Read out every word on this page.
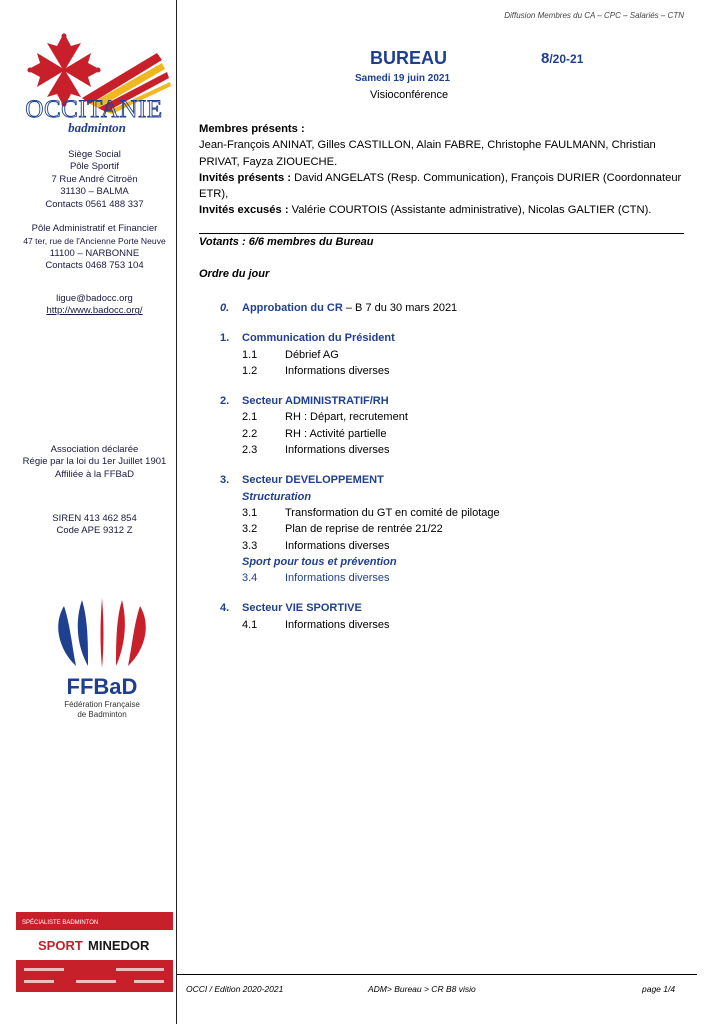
Diffusion Membres du CA – CPC – Salariés – CTN
OCCITANIE
badminton
Siège Social
Pôle Sportif
7 Rue André Citroën
31130 – BALMA
Contacts 0561 488 337
Pôle Administratif et Financier
47 ter, rue de l'Ancienne Porte Neuve
11100 – NARBONNE
Contacts 0468 753 104
ligue@badocc.org
http://www.badocc.org/
Association déclarée
Régie par la loi du 1er Juillet 1901
Affiliée à la FFBaD
SIREN 413 462 854
Code APE 9312 Z
FFBaD
Fédération Française
de Badminton
SPÉCIALISTE BADMINTON
SPORT MINEDOR
BUREAU	8/20-21
Samedi 19 juin 2021
Visioconférence
Membres présents :
Jean-François ANINAT, Gilles CASTILLON, Alain FABRE, Christophe FAULMANN, Christian PRIVAT, Fayza ZIOUECHE.
Invités présents : David ANGELATS (Resp. Communication), François DURIER (Coordonnateur ETR),
Invités excusés : Valérie COURTOIS (Assistante administrative), Nicolas GALTIER (CTN).
Votants : 6/6 membres du Bureau
Ordre du jour
0. Approbation du CR – B 7 du 30 mars 2021
1. Communication du Président
1.1	Débrief AG
1.2	Informations diverses
2. Secteur ADMINISTRATIF/RH
2.1	RH : Départ, recrutement
2.2	RH : Activité partielle
2.3	Informations diverses
3. Secteur DEVELOPPEMENT
Structuration
3.1	Transformation du GT en comité de pilotage
3.2	Plan de reprise de rentrée 21/22
3.3	Informations diverses
Sport pour tous et prévention
3.4	Informations diverses
4. Secteur VIE SPORTIVE
4.1	Informations diverses
OCCI / Edition 2020-2021	ADM> Bureau > CR B8 visio	page 1/4
